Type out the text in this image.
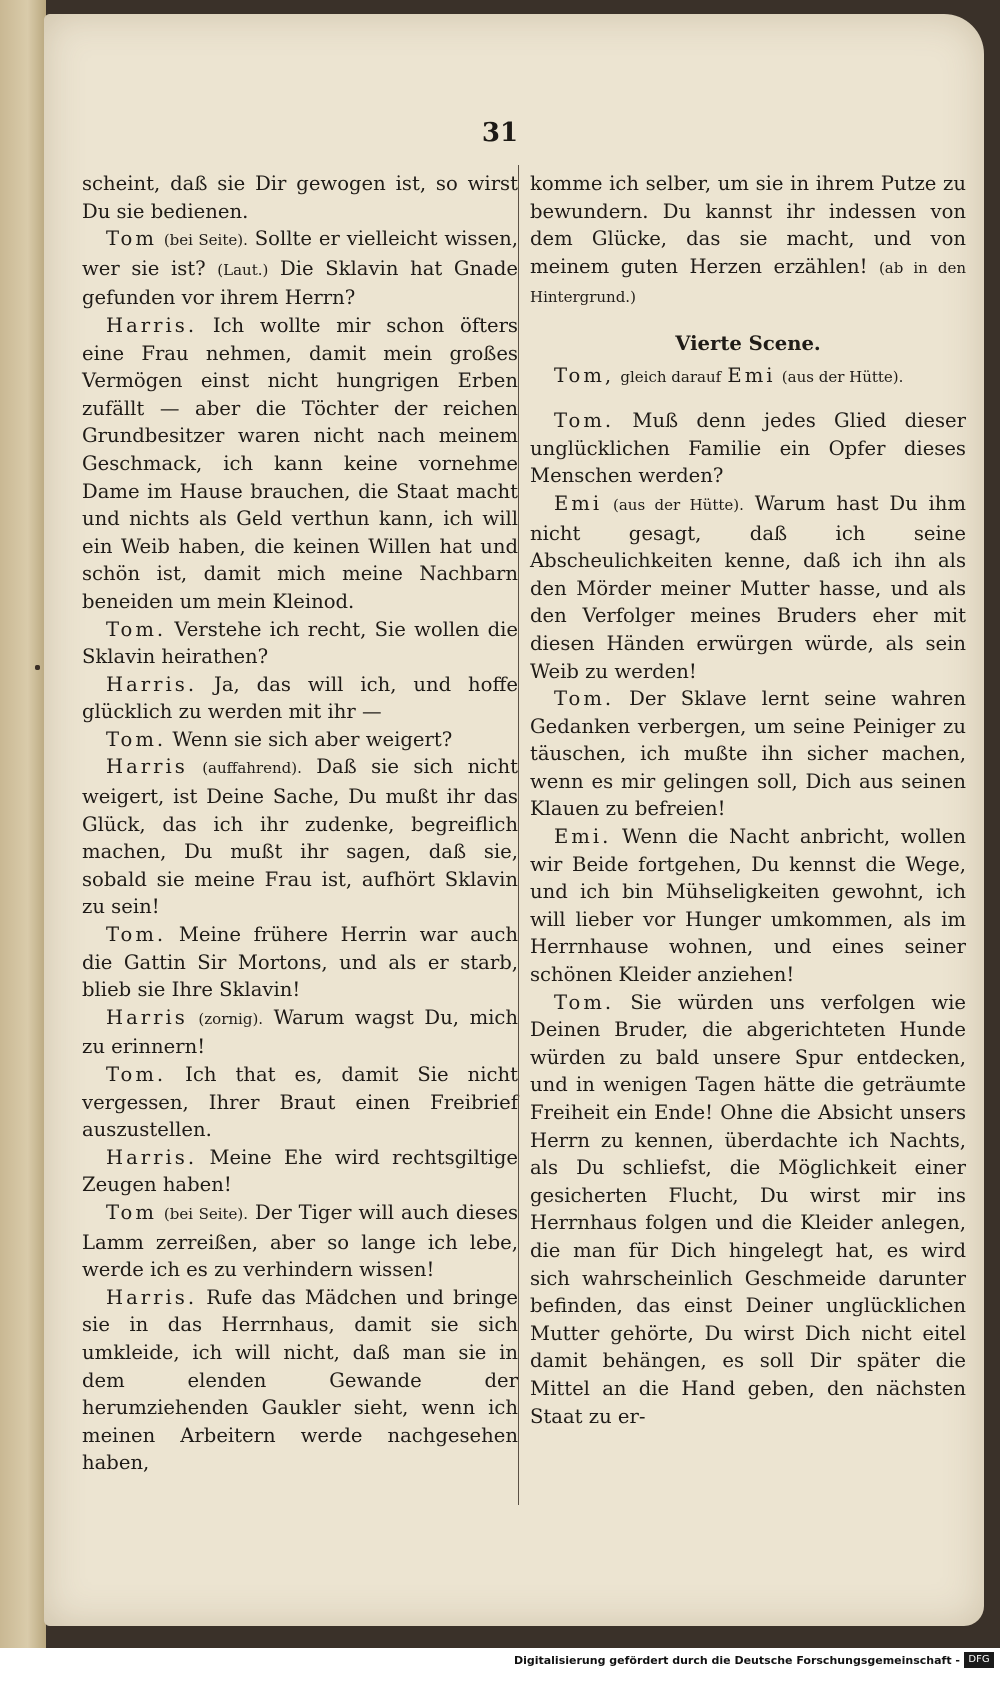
31

scheint, daß sie Dir gewogen ist, so wirst Du sie bedienen.

Tom (bei Seite). Sollte er vielleicht wissen, wer sie ist? (Laut.) Die Sklavin hat Gnade gefunden vor ihrem Herrn?

Harris. Ich wollte mir schon öfters eine Frau nehmen, damit mein großes Vermögen einst nicht hungrigen Erben zufällt — aber die Töchter der reichen Grundbesitzer waren nicht nach meinem Geschmack, ich kann keine vornehme Dame im Hause brauchen, die Staat macht und nichts als Geld verthun kann, ich will ein Weib haben, die keinen Willen hat und schön ist, damit mich meine Nachbarn beneiden um mein Kleinod.

Tom. Verstehe ich recht, Sie wollen die Sklavin heirathen?

Harris. Ja, das will ich, und hoffe glücklich zu werden mit ihr —

Tom. Wenn sie sich aber weigert?

Harris (auffahrend). Daß sie sich nicht weigert, ist Deine Sache, Du mußt ihr das Glück, das ich ihr zudenke, begreiflich machen, Du mußt ihr sagen, daß sie, sobald sie meine Frau ist, aufhört Sklavin zu sein!

Tom. Meine frühere Herrin war auch die Gattin Sir Mortons, und als er starb, blieb sie Ihre Sklavin!

Harris (zornig). Warum wagst Du, mich zu erinnern!

Tom. Ich that es, damit Sie nicht vergessen, Ihrer Braut einen Freibrief auszustellen.

Harris. Meine Ehe wird rechtsgiltige Zeugen haben!

Tom (bei Seite). Der Tiger will auch dieses Lamm zerreißen, aber so lange ich lebe, werde ich es zu verhindern wissen!

Harris. Rufe das Mädchen und bringe sie in das Herrnhaus, damit sie sich umkleide, ich will nicht, daß man sie in dem elenden Gewande der herumziehenden Gaukler sieht, wenn ich meinen Arbeitern werde nachgesehen haben,

komme ich selber, um sie in ihrem Putze zu bewundern. Du kannst ihr indessen von dem Glücke, das sie macht, und von meinem guten Herzen erzählen! (ab in den Hintergrund.)

Vierte Scene.

Tom, gleich darauf Emi (aus der Hütte).

Tom. Muß denn jedes Glied dieser unglücklichen Familie ein Opfer dieses Menschen werden?

Emi (aus der Hütte). Warum hast Du ihm nicht gesagt, daß ich seine Abscheulichkeiten kenne, daß ich ihn als den Mörder meiner Mutter hasse, und als den Verfolger meines Bruders eher mit diesen Händen erwürgen würde, als sein Weib zu werden!

Tom. Der Sklave lernt seine wahren Gedanken verbergen, um seine Peiniger zu täuschen, ich mußte ihn sicher machen, wenn es mir gelingen soll, Dich aus seinen Klauen zu befreien!

Emi. Wenn die Nacht anbricht, wollen wir Beide fortgehen, Du kennst die Wege, und ich bin Mühseligkeiten gewohnt, ich will lieber vor Hunger umkommen, als im Herrnhause wohnen, und eines seiner schönen Kleider anziehen!

Tom. Sie würden uns verfolgen wie Deinen Bruder, die abgerichteten Hunde würden zu bald unsere Spur entdecken, und in wenigen Tagen hätte die geträumte Freiheit ein Ende! Ohne die Absicht unsers Herrn zu kennen, überdachte ich Nachts, als Du schliefst, die Möglichkeit einer gesicherten Flucht, Du wirst mir ins Herrnhaus folgen und die Kleider anlegen, die man für Dich hingelegt hat, es wird sich wahrscheinlich Geschmeide darunter befinden, das einst Deiner unglücklichen Mutter gehörte, Du wirst Dich nicht eitel damit behängen, es soll Dir später die Mittel an die Hand geben, den nächsten Staat zu er-

Digitalisierung gefördert durch die Deutsche Forschungsgemeinschaft - DFG
